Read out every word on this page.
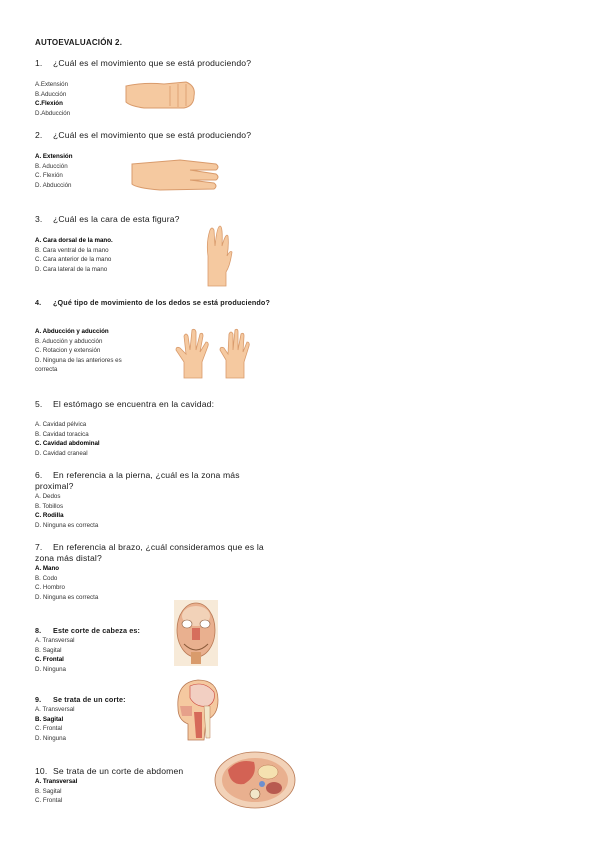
AUTOEVALUACIÓN 2.
1. ¿Cuál es el movimiento que se está produciendo?
A.Extensión
B.Aducción
C.Flexión
D.Abducción
2. ¿Cuál es el movimiento que se está produciendo?
A. Extensión
B. Aducción
C. Flexión
D. Abducción
3. ¿Cuál es la cara de esta figura?
A. Cara dorsal de la mano.
B. Cara ventral de la mano
C. Cara anterior de la mano
D. Cara lateral de la mano
4. ¿Qué tipo de movimiento de los dedos se está produciendo?
A. Abducción y aducción
B. Aducción y abducción
C. Rotacion y extensión
D. Ninguna de las anteriores es
correcta
5. El estómago se encuentra en la cavidad:
A. Cavidad pélvica
B. Cavidad toracica
C. Cavidad abdominal
D. Cavidad craneal
6. En referencia a la pierna, ¿cuál es la zona más
proximal?
A. Dedos
B. Tobillos
C. Rodilla
D. Ninguna es correcta
7. En referencia al brazo, ¿cuál consideramos que es la
zona más distal?
A. Mano
B. Codo
C. Hombro
D. Ninguna es correcta
8. Este corte de cabeza es:
A. Transversal
B. Sagital
C. Frontal
D. Ninguna
9. Se trata de un corte:
A. Transversal
B. Sagital
C. Frontal
D. Ninguna
10. Se trata de un corte de abdomen
A. Transversal
B. Sagital
C. Frontal
